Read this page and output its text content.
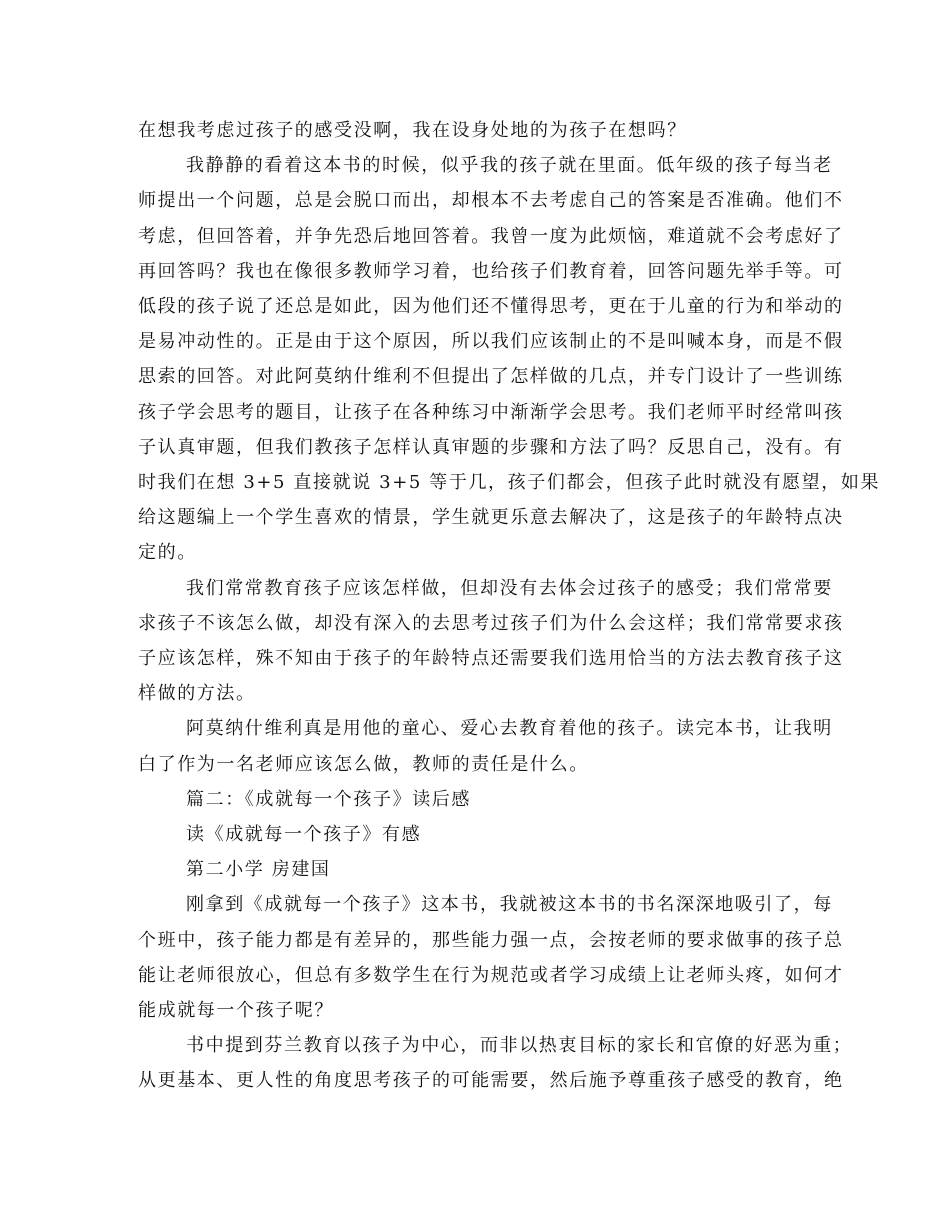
在想我考虑过孩子的感受没啊，我在设身处地的为孩子在想吗？
我静静的看着这本书的时候，似乎我的孩子就在里面。低年级的孩子每当老
师提出一个问题，总是会脱口而出，却根本不去考虑自己的答案是否准确。他们不
考虑，但回答着，并争先恐后地回答着。我曾一度为此烦恼，难道就不会考虑好了
再回答吗？我也在像很多教师学习着，也给孩子们教育着，回答问题先举手等。可
低段的孩子说了还总是如此，因为他们还不懂得思考，更在于儿童的行为和举动的
是易冲动性的。正是由于这个原因，所以我们应该制止的不是叫喊本身，而是不假
思索的回答。对此阿莫纳什维利不但提出了怎样做的几点，并专门设计了一些训练
孩子学会思考的题目，让孩子在各种练习中渐渐学会思考。我们老师平时经常叫孩
子认真审题，但我们教孩子怎样认真审题的步骤和方法了吗？反思自己，没有。有
时我们在想 3+5 直接就说 3+5 等于几，孩子们都会，但孩子此时就没有愿望，如果
给这题编上一个学生喜欢的情景，学生就更乐意去解决了，这是孩子的年龄特点决
定的。
我们常常教育孩子应该怎样做，但却没有去体会过孩子的感受；我们常常要
求孩子不该怎么做，却没有深入的去思考过孩子们为什么会这样；我们常常要求孩
子应该怎样，殊不知由于孩子的年龄特点还需要我们选用恰当的方法去教育孩子这
样做的方法。
阿莫纳什维利真是用他的童心、爱心去教育着他的孩子。读完本书，让我明
白了作为一名老师应该怎么做，教师的责任是什么。
篇二：《成就每一个孩子》读后感
读《成就每一个孩子》有感
第二小学 房建国
刚拿到《成就每一个孩子》这本书，我就被这本书的书名深深地吸引了，每
个班中，孩子能力都是有差异的，那些能力强一点，会按老师的要求做事的孩子总
能让老师很放心，但总有多数学生在行为规范或者学习成绩上让老师头疼，如何才
能成就每一个孩子呢？
书中提到芬兰教育以孩子为中心，而非以热衷目标的家长和官僚的好恶为重；
从更基本、更人性的角度思考孩子的可能需要，然后施予尊重孩子感受的教育，绝
